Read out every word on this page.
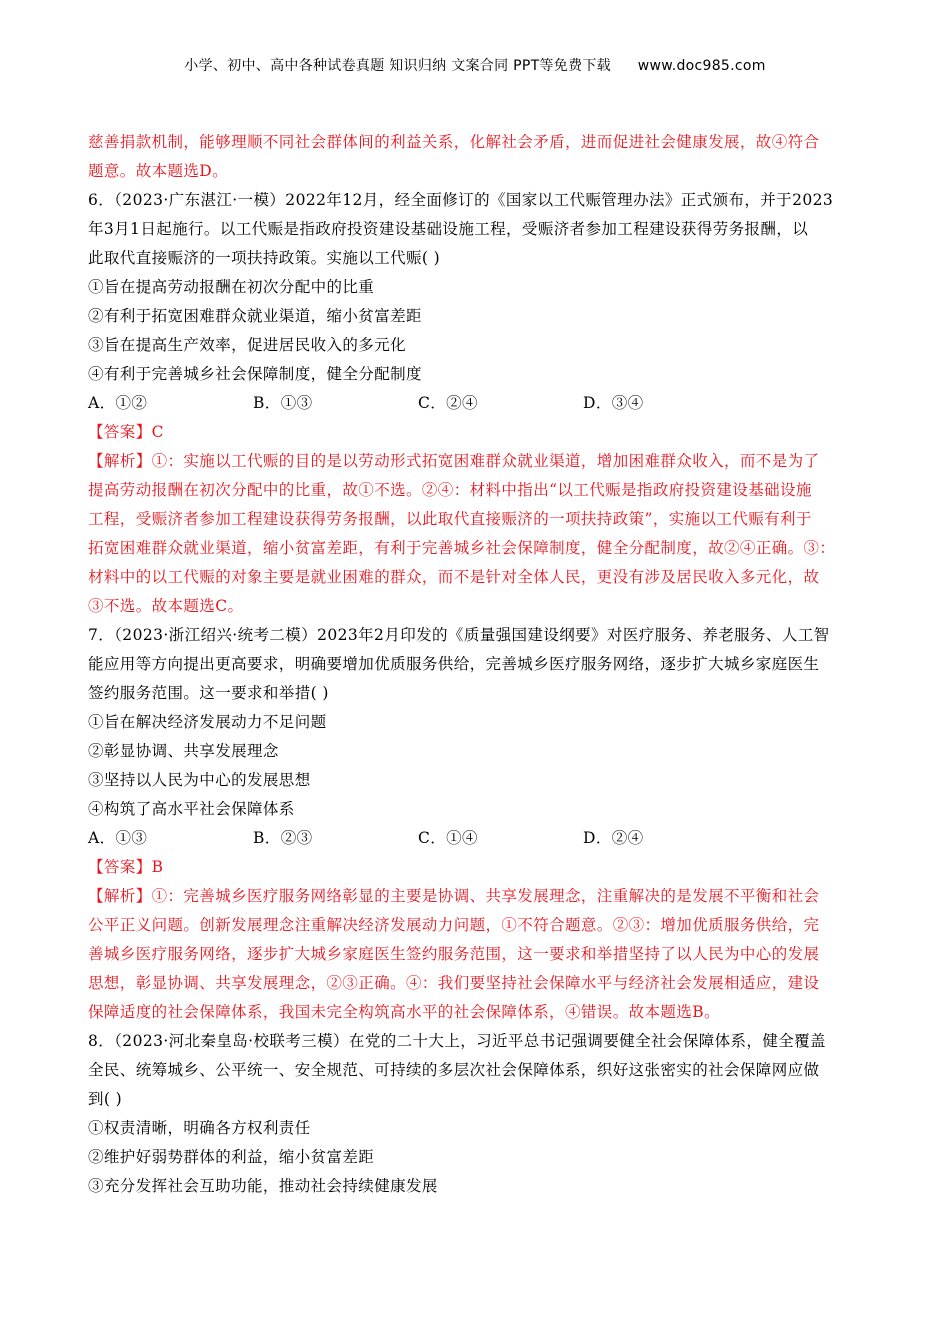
小学、初中、高中各种试卷真题 知识归纳 文案合同 PPT等免费下载 www.doc985.com
慈善捐款机制，能够理顺不同社会群体间的利益关系，化解社会矛盾，进而促进社会健康发展，故④符合
题意。故本题选D。
6．（2023·广东湛江·一模）2022年12月，经全面修订的《国家以工代赈管理办法》正式颁布，并于2023
年3月1日起施行。以工代赈是指政府投资建设基础设施工程，受赈济者参加工程建设获得劳务报酬，以
此取代直接赈济的一项扶持政策。实施以工代赈( )
①旨在提高劳动报酬在初次分配中的比重
②有利于拓宽困难群众就业渠道，缩小贫富差距
③旨在提高生产效率，促进居民收入的多元化
④有利于完善城乡社会保障制度，健全分配制度
A．①②	B．①③	C．②④	D．③④
【答案】C
【解析】①：实施以工代赈的目的是以劳动形式拓宽困难群众就业渠道，增加困难群众收入，而不是为了
提高劳动报酬在初次分配中的比重，故①不选。②④：材料中指出“以工代赈是指政府投资建设基础设施
工程，受赈济者参加工程建设获得劳务报酬，以此取代直接赈济的一项扶持政策”，实施以工代赈有利于
拓宽困难群众就业渠道，缩小贫富差距，有利于完善城乡社会保障制度，健全分配制度，故②④正确。③：
材料中的以工代赈的对象主要是就业困难的群众，而不是针对全体人民，更没有涉及居民收入多元化，故
③不选。故本题选C。
7．（2023·浙江绍兴·统考二模）2023年2月印发的《质量强国建设纲要》对医疗服务、养老服务、人工智
能应用等方向提出更高要求，明确要增加优质服务供给，完善城乡医疗服务网络，逐步扩大城乡家庭医生
签约服务范围。这一要求和举措( )
①旨在解决经济发展动力不足问题
②彰显协调、共享发展理念
③坚持以人民为中心的发展思想
④构筑了高水平社会保障体系
A．①③	B．②③	C．①④	D．②④
【答案】B
【解析】①：完善城乡医疗服务网络彰显的主要是协调、共享发展理念，注重解决的是发展不平衡和社会
公平正义问题。创新发展理念注重解决经济发展动力问题，①不符合题意。②③：增加优质服务供给，完
善城乡医疗服务网络，逐步扩大城乡家庭医生签约服务范围，这一要求和举措坚持了以人民为中心的发展
思想，彰显协调、共享发展理念，②③正确。④：我们要坚持社会保障水平与经济社会发展相适应，建设
保障适度的社会保障体系，我国未完全构筑高水平的社会保障体系，④错误。故本题选B。
8．（2023·河北秦皇岛·校联考三模）在党的二十大上，习近平总书记强调要健全社会保障体系，健全覆盖
全民、统筹城乡、公平统一、安全规范、可持续的多层次社会保障体系，织好这张密实的社会保障网应做
到( )
①权责清晰，明确各方权利责任
②维护好弱势群体的利益，缩小贫富差距
③充分发挥社会互助功能，推动社会持续健康发展
